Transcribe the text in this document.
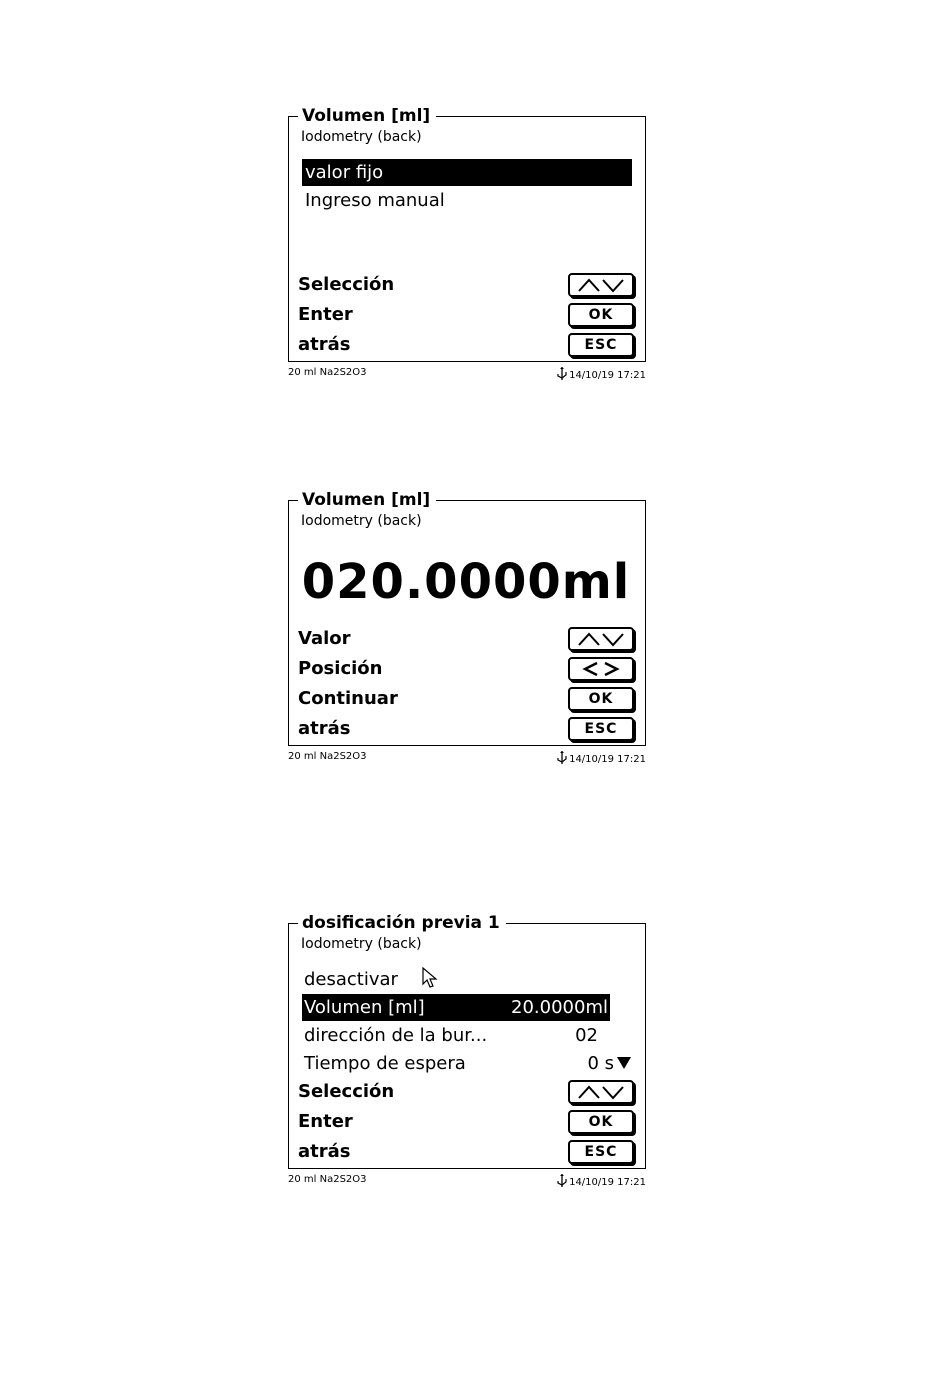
Volumen [ml]
Iodometry (back)
valor fijo
Ingreso manual
Selección
Enter	OK
atrás	ESC
20 ml Na2S2O3	14/10/19 17:21
Volumen [ml]
Iodometry (back)
020.0000ml
Valor
Posición
Continuar	OK
atrás	ESC
20 ml Na2S2O3	14/10/19 17:21
dosificación previa 1
Iodometry (back)
desactivar
Volumen [ml]	20.0000ml
dirección de la bur...	02
Tiempo de espera	0 s
Selección
Enter	OK
atrás	ESC
20 ml Na2S2O3	14/10/19 17:21
